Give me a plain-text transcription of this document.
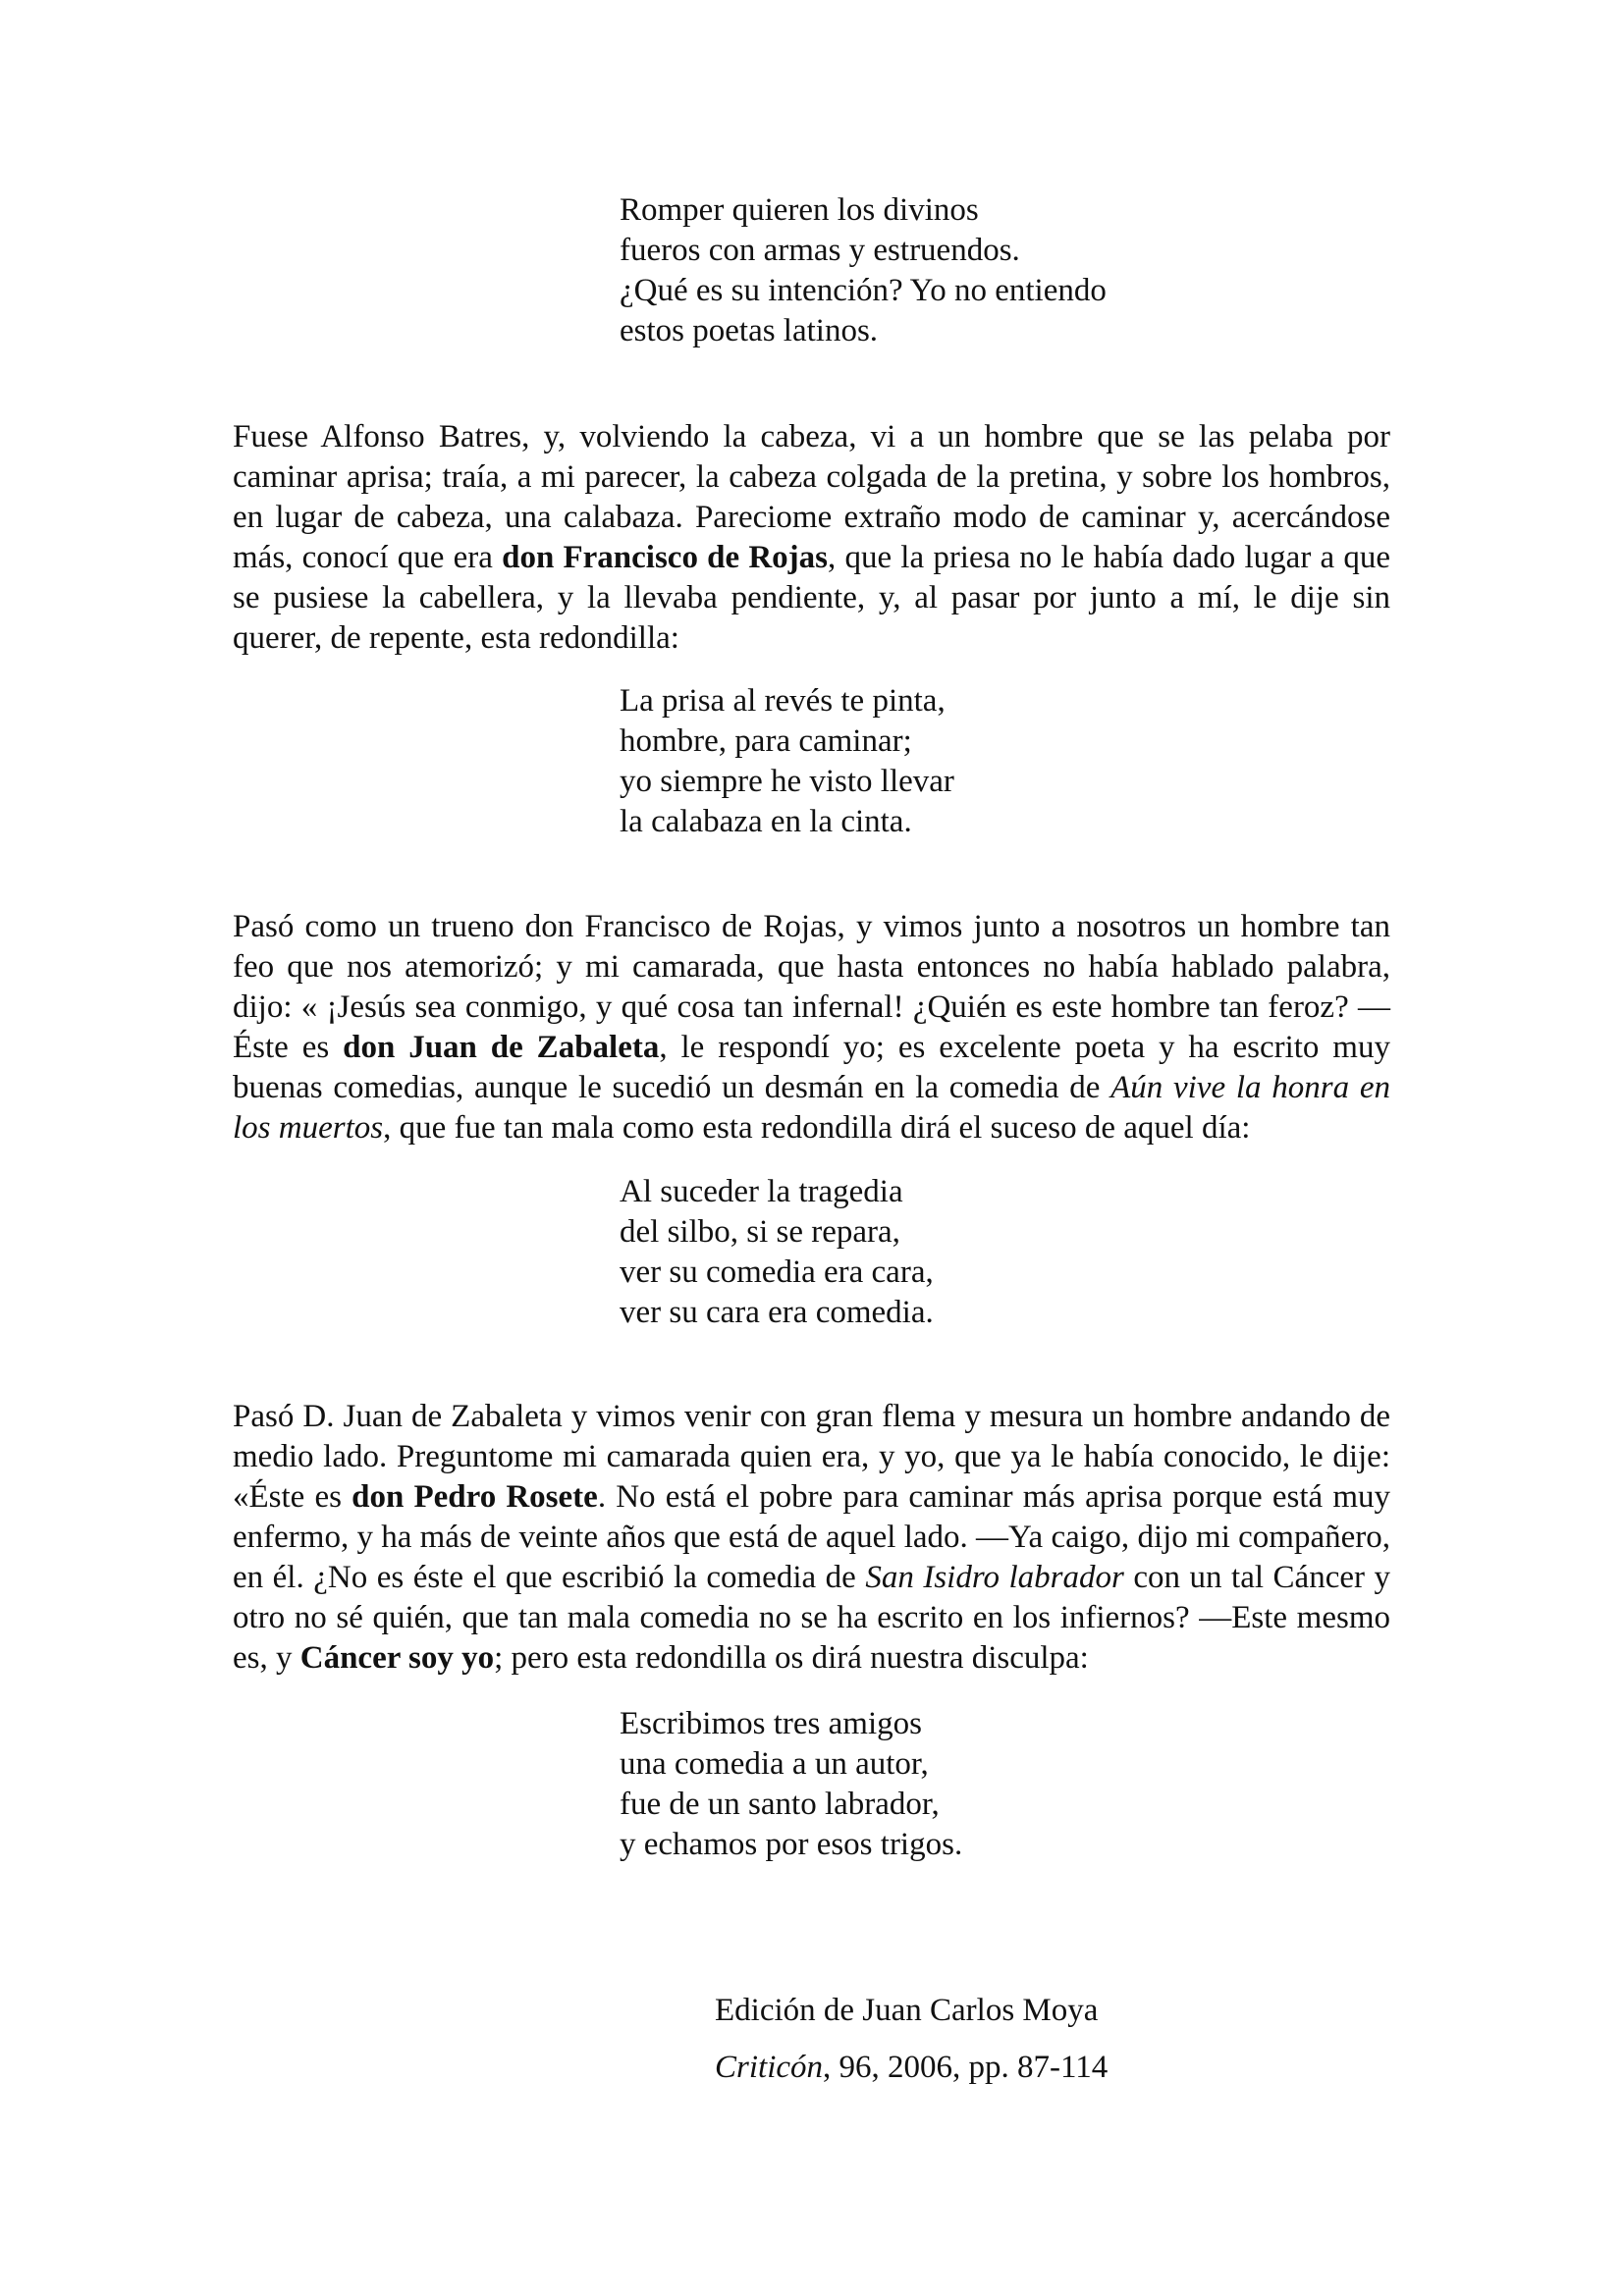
Romper quieren los divinos
fueros con armas y estruendos.
¿Qué es su intención? Yo no entiendo
estos poetas latinos.

Fuese Alfonso Batres, y, volviendo la cabeza, vi a un hombre que se las pelaba por caminar aprisa; traía, a mi parecer, la cabeza colgada de la pretina, y sobre los hombros, en lugar de cabeza, una calabaza. Pareciome extraño modo de caminar y, acercándose más, conocí que era don Francisco de Rojas, que la priesa no le había dado lugar a que se pusiese la cabellera, y la llevaba pendiente, y, al pasar por junto a mí, le dije sin querer, de repente, esta redondilla:

La prisa al revés te pinta,
hombre, para caminar;
yo siempre he visto llevar
la calabaza en la cinta.

Pasó como un trueno don Francisco de Rojas, y vimos junto a nosotros un hombre tan feo que nos atemorizó; y mi camarada, que hasta entonces no había hablado palabra, dijo: « ¡Jesús sea conmigo, y qué cosa tan infernal! ¿Quién es este hombre tan feroz? —Éste es don Juan de Zabaleta, le respondí yo; es excelente poeta y ha escrito muy buenas comedias, aunque le sucedió un desmán en la comedia de Aún vive la honra en los muertos, que fue tan mala como esta redondilla dirá el suceso de aquel día:

Al suceder la tragedia
del silbo, si se repara,
ver su comedia era cara,
ver su cara era comedia.

Pasó D. Juan de Zabaleta y vimos venir con gran flema y mesura un hombre andando de medio lado. Preguntome mi camarada quien era, y yo, que ya le había conocido, le dije: «Éste es don Pedro Rosete. No está el pobre para caminar más aprisa porque está muy enfermo, y ha más de veinte años que está de aquel lado. —Ya caigo, dijo mi compañero, en él. ¿No es éste el que escribió la comedia de San Isidro labrador con un tal Cáncer y otro no sé quién, que tan mala comedia no se ha escrito en los infiernos? —Este mesmo es, y Cáncer soy yo; pero esta redondilla os dirá nuestra disculpa:

Escribimos tres amigos
una comedia a un autor,
fue de un santo labrador,
y echamos por esos trigos.
Edición de Juan Carlos Moya
Criticón, 96, 2006, pp. 87-114
